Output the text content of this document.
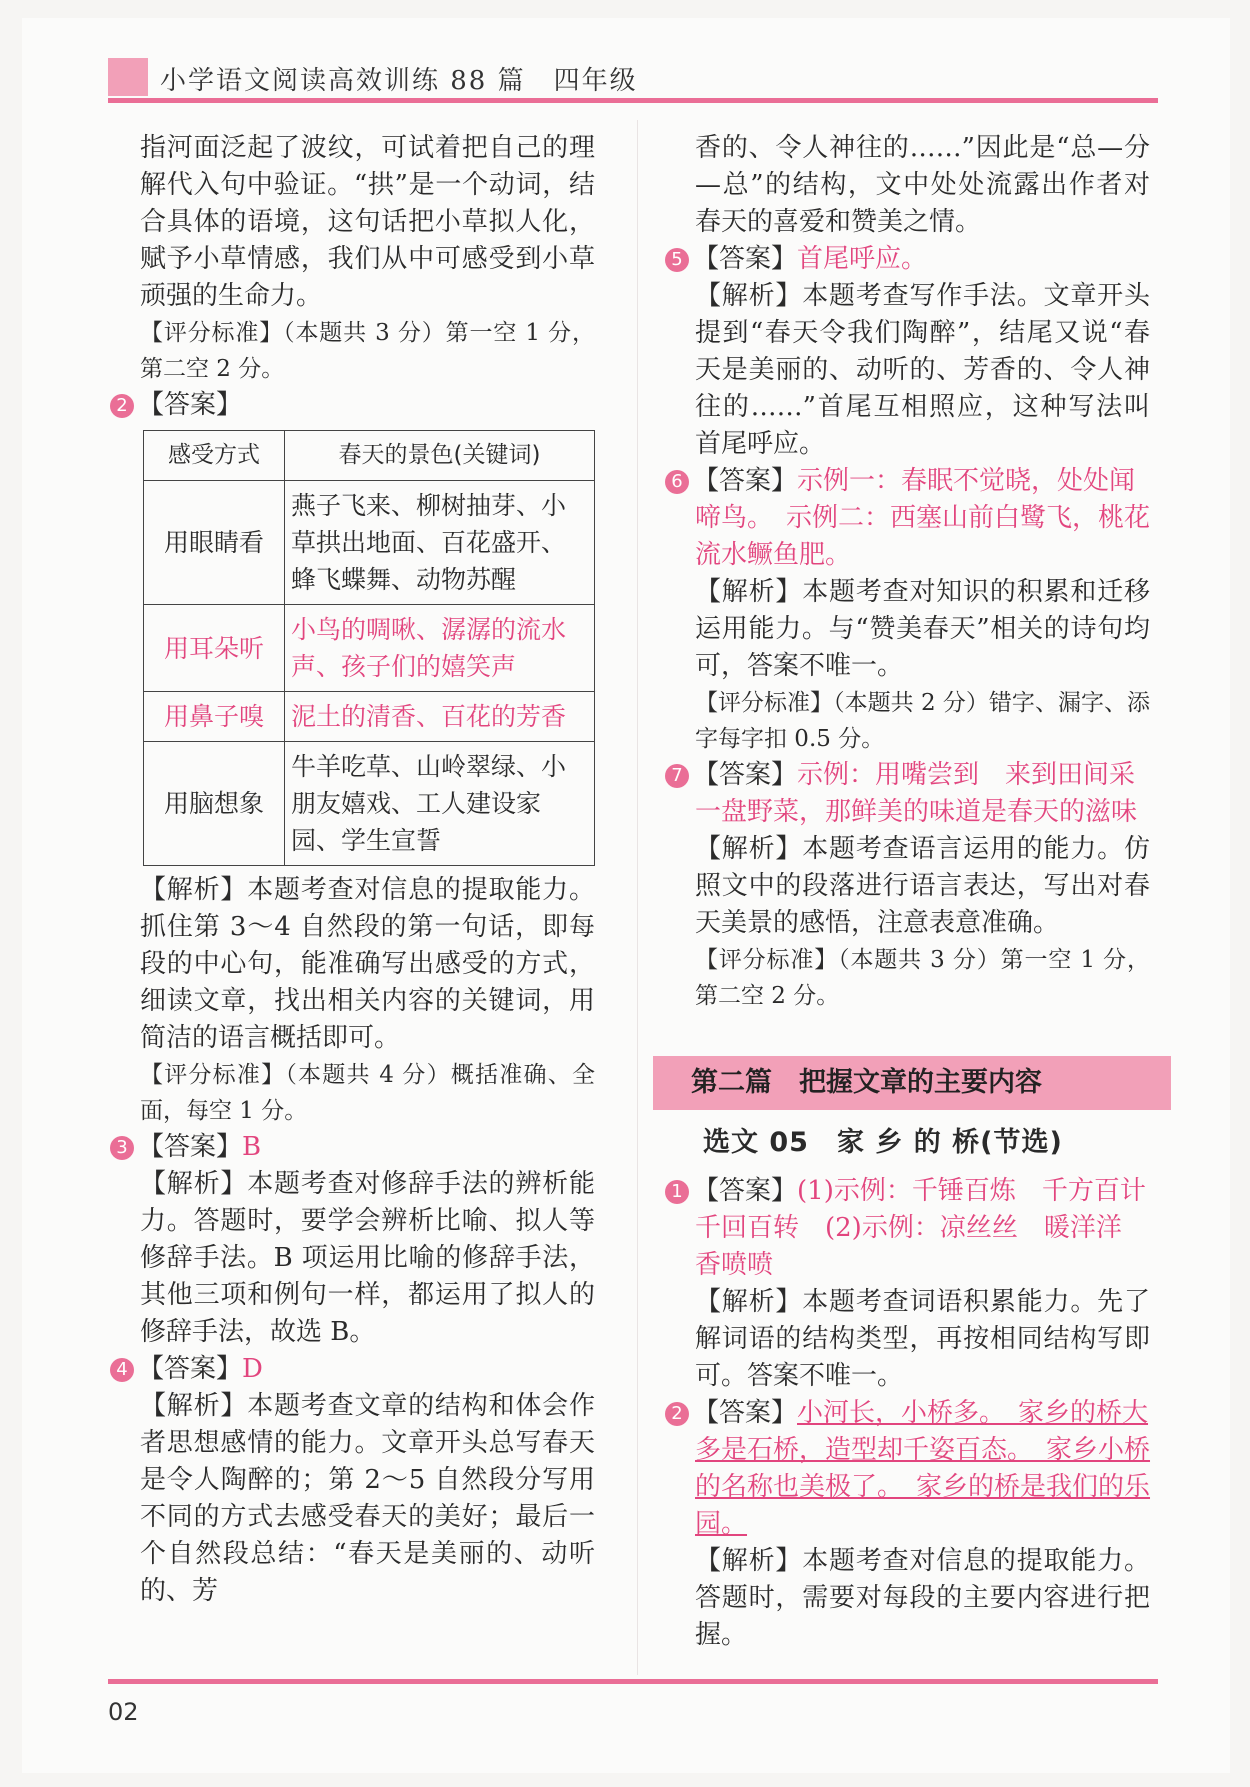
小学语文阅读高效训练 88 篇　四年级

指河面泛起了波纹，可试着把自己的理解代入句中验证。“拱”是一个动词，结合具体的语境，这句话把小草拟人化，赋予小草情感，我们从中可感受到小草顽强的生命力。

【评分标准】（本题共 3 分）第一空 1 分，第二空 2 分。

2 【答案】

感受方式	春天的景色(关键词)
用眼睛看	燕子飞来、柳树抽芽、小草拱出地面、百花盛开、蜂飞蝶舞、动物苏醒
用耳朵听	小鸟的啁啾、潺潺的流水声、孩子们的嬉笑声
用鼻子嗅	泥土的清香、百花的芳香
用脑想象	牛羊吃草、山岭翠绿、小朋友嬉戏、工人建设家园、学生宣誓

【解析】本题考查对信息的提取能力。抓住第 3～4 自然段的第一句话，即每段的中心句，能准确写出感受的方式，细读文章，找出相关内容的关键词，用简洁的语言概括即可。

【评分标准】（本题共 4 分）概括准确、全面，每空 1 分。

3 【答案】B

【解析】本题考查对修辞手法的辨析能力。答题时，要学会辨析比喻、拟人等修辞手法。B 项运用比喻的修辞手法，其他三项和例句一样，都运用了拟人的修辞手法，故选 B。

4 【答案】D

【解析】本题考查文章的结构和体会作者思想感情的能力。文章开头总写春天是令人陶醉的；第 2～5 自然段分写用不同的方式去感受春天的美好；最后一个自然段总结：“春天是美丽的、动听的、芳

香的、令人神往的……”因此是“总—分—总”的结构，文中处处流露出作者对春天的喜爱和赞美之情。

5 【答案】首尾呼应。

【解析】本题考查写作手法。文章开头提到“春天令我们陶醉”，结尾又说“春天是美丽的、动听的、芳香的、令人神往的……”首尾互相照应，这种写法叫首尾呼应。

6 【答案】示例一：春眠不觉晓，处处闻啼鸟。　示例二：西塞山前白鹭飞，桃花流水鳜鱼肥。

【解析】本题考查对知识的积累和迁移运用能力。与“赞美春天”相关的诗句均可，答案不唯一。

【评分标准】（本题共 2 分）错字、漏字、添字每字扣 0.5 分。

7 【答案】示例：用嘴尝到　来到田间采一盘野菜，那鲜美的味道是春天的滋味

【解析】本题考查语言运用的能力。仿照文中的段落进行语言表达，写出对春天美景的感悟，注意表意准确。

【评分标准】（本题共 3 分）第一空 1 分，第二空 2 分。

第二篇　把握文章的主要内容
选文 05　家 乡 的 桥(节选)

1 【答案】(1)示例：千锤百炼　千方百计　千回百转　(2)示例：凉丝丝　暖洋洋　香喷喷

【解析】本题考查词语积累能力。先了解词语的结构类型，再按相同结构写即可。答案不唯一。

2 【答案】小河长，小桥多。　家乡的桥大多是石桥，造型却千姿百态。　家乡小桥的名称也美极了。　家乡的桥是我们的乐园。

【解析】本题考查对信息的提取能力。答题时，需要对每段的主要内容进行把握。

02
